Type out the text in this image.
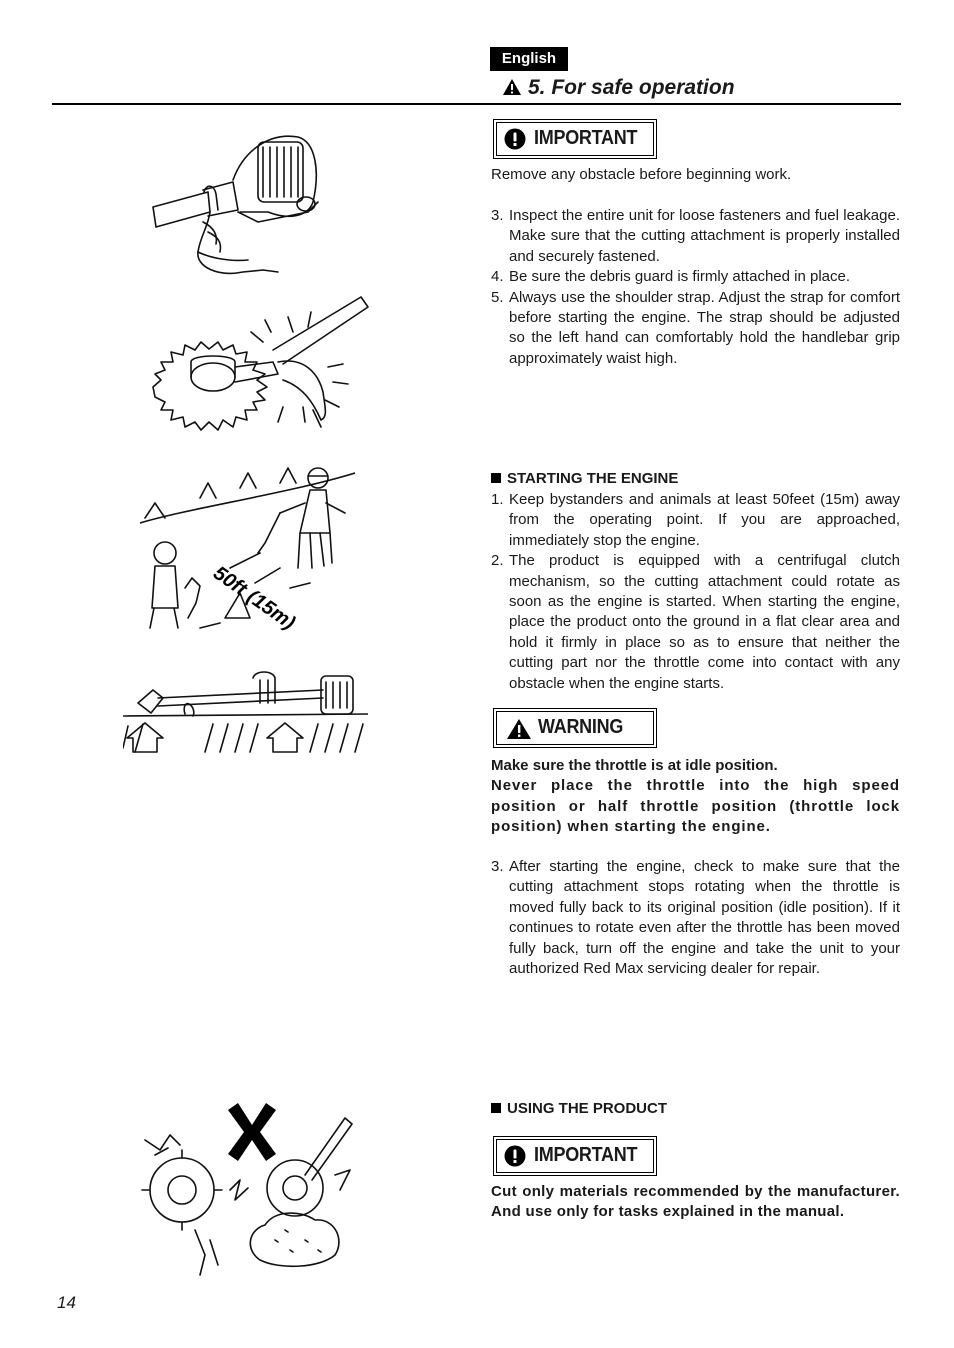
English
5. For safe operation
IMPORTANT
Remove any obstacle before beginning work.
3. Inspect the entire unit for loose fasteners and fuel leakage. Make sure that the cutting attachment is properly installed and securely fastened.
4. Be sure the debris guard is firmly attached in place.
5. Always use the shoulder strap. Adjust the strap for comfort before starting the engine. The strap should be adjusted so the left hand can comfortably hold the handlebar grip approximately waist high.
STARTING THE ENGINE
1. Keep bystanders and animals at least 50feet (15m) away from the operating point. If you are approached, immediately stop the engine.
2. The product is equipped with a centrifugal clutch mechanism, so the cutting attachment could rotate as soon as the engine is started. When starting the engine, place the product onto the ground in a flat clear area and hold it firmly in place so as to ensure that neither the cutting part nor the throttle come into contact with any obstacle when the engine starts.
WARNING

Make sure the throttle is at idle position.

Never place the throttle into the high speed position or half throttle position (throttle lock position) when starting the engine.

3. After starting the engine, check to make sure that the cutting attachment stops rotating when the throttle is moved fully back to its original position (idle position). If it continues to rotate even after the throttle has been moved fully back, turn off the engine and take the unit to your authorized Red Max servicing dealer for repair.
USING THE PRODUCT
IMPORTANT

Cut only materials recommended by the manufacturer. And use only for tasks explained in the manual.

14
50ft (15m)
